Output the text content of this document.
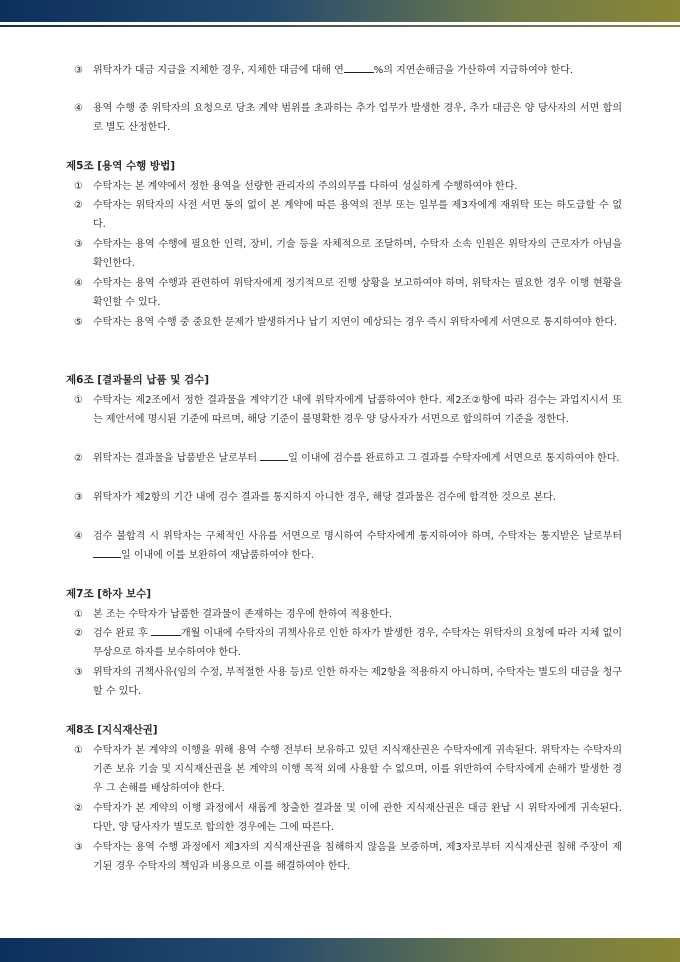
③	위탁자가 대금 지급을 지체한 경우, 지체한 대금에 대해 연	%의 지연손해금을 가산하여 지급하여야 한다.
④	용역 수행 중 위탁자의 요청으로 당초 계약 범위를 초과하는 추가 업무가 발생한 경우, 추가 대금은 양 당사자의 서면 합의로 별도 산정한다.
제5조 [용역 수행 방법]
①	수탁자는 본 계약에서 정한 용역을 선량한 관리자의 주의의무를 다하여 성실하게 수행하여야 한다.
②	수탁자는 위탁자의 사전 서면 동의 없이 본 계약에 따른 용역의 전부 또는 일부를 제3자에게 재위탁 또는 하도급할 수 없다.
③	수탁자는 용역 수행에 필요한 인력, 장비, 기술 등을 자체적으로 조달하며, 수탁자 소속 인원은 위탁자의 근로자가 아님을 확인한다.
④	수탁자는 용역 수행과 관련하여 위탁자에게 정기적으로 진행 상황을 보고하여야 하며, 위탁자는 필요한 경우 이행 현황을 확인할 수 있다.
⑤	수탁자는 용역 수행 중 중요한 문제가 발생하거나 납기 지연이 예상되는 경우 즉시 위탁자에게 서면으로 통지하여야 한다.
제6조 [결과물의 납품 및 검수]
①	수탁자는 제2조에서 정한 결과물을 계약기간 내에 위탁자에게 납품하여야 한다. 제2조②항에 따라 검수는 과업지시서 또는 제안서에 명시된 기준에 따르며, 해당 기준이 불명확한 경우 양 당사자가 서면으로 합의하여 기준을 정한다.
②	위탁자는 결과물을 납품받은 날로부터	일 이내에 검수를 완료하고 그 결과를 수탁자에게 서면으로 통지하여야 한다.
③	위탁자가 제2항의 기간 내에 검수 결과를 통지하지 아니한 경우, 해당 결과물은 검수에 합격한 것으로 본다.
④	검수 불합격 시 위탁자는 구체적인 사유를 서면으로 명시하여 수탁자에게 통지하여야 하며, 수탁자는 통지받은 날로부터 일 이내에 이를 보완하여 재납품하여야 한다.
제7조 [하자 보수]
①	본 조는 수탁자가 납품한 결과물이 존재하는 경우에 한하여 적용한다.
②	검수 완료 후	개월 이내에 수탁자의 귀책사유로 인한 하자가 발생한 경우, 수탁자는 위탁자의 요청에 따라 지체 없이 무상으로 하자를 보수하여야 한다.
③	위탁자의 귀책사유(임의 수정, 부적절한 사용 등)로 인한 하자는 제2항을 적용하지 아니하며, 수탁자는 별도의 대금을 청구할 수 있다.
제8조 [지식재산권]
①	수탁자가 본 계약의 이행을 위해 용역 수행 전부터 보유하고 있던 지식재산권은 수탁자에게 귀속된다. 위탁자는 수탁자의 기존 보유 기술 및 지식재산권을 본 계약의 이행 목적 외에 사용할 수 없으며, 이를 위반하여 수탁자에게 손해가 발생한 경우 그 손해를 배상하여야 한다.
②	수탁자가 본 계약의 이행 과정에서 새롭게 창출한 결과물 및 이에 관한 지식재산권은 대금 완납 시 위탁자에게 귀속된다. 다만, 양 당사자가 별도로 합의한 경우에는 그에 따른다.
③	수탁자는 용역 수행 과정에서 제3자의 지식재산권을 침해하지 않음을 보증하며, 제3자로부터 지식재산권 침해 주장이 제기된 경우 수탁자의 책임과 비용으로 이를 해결하여야 한다.
